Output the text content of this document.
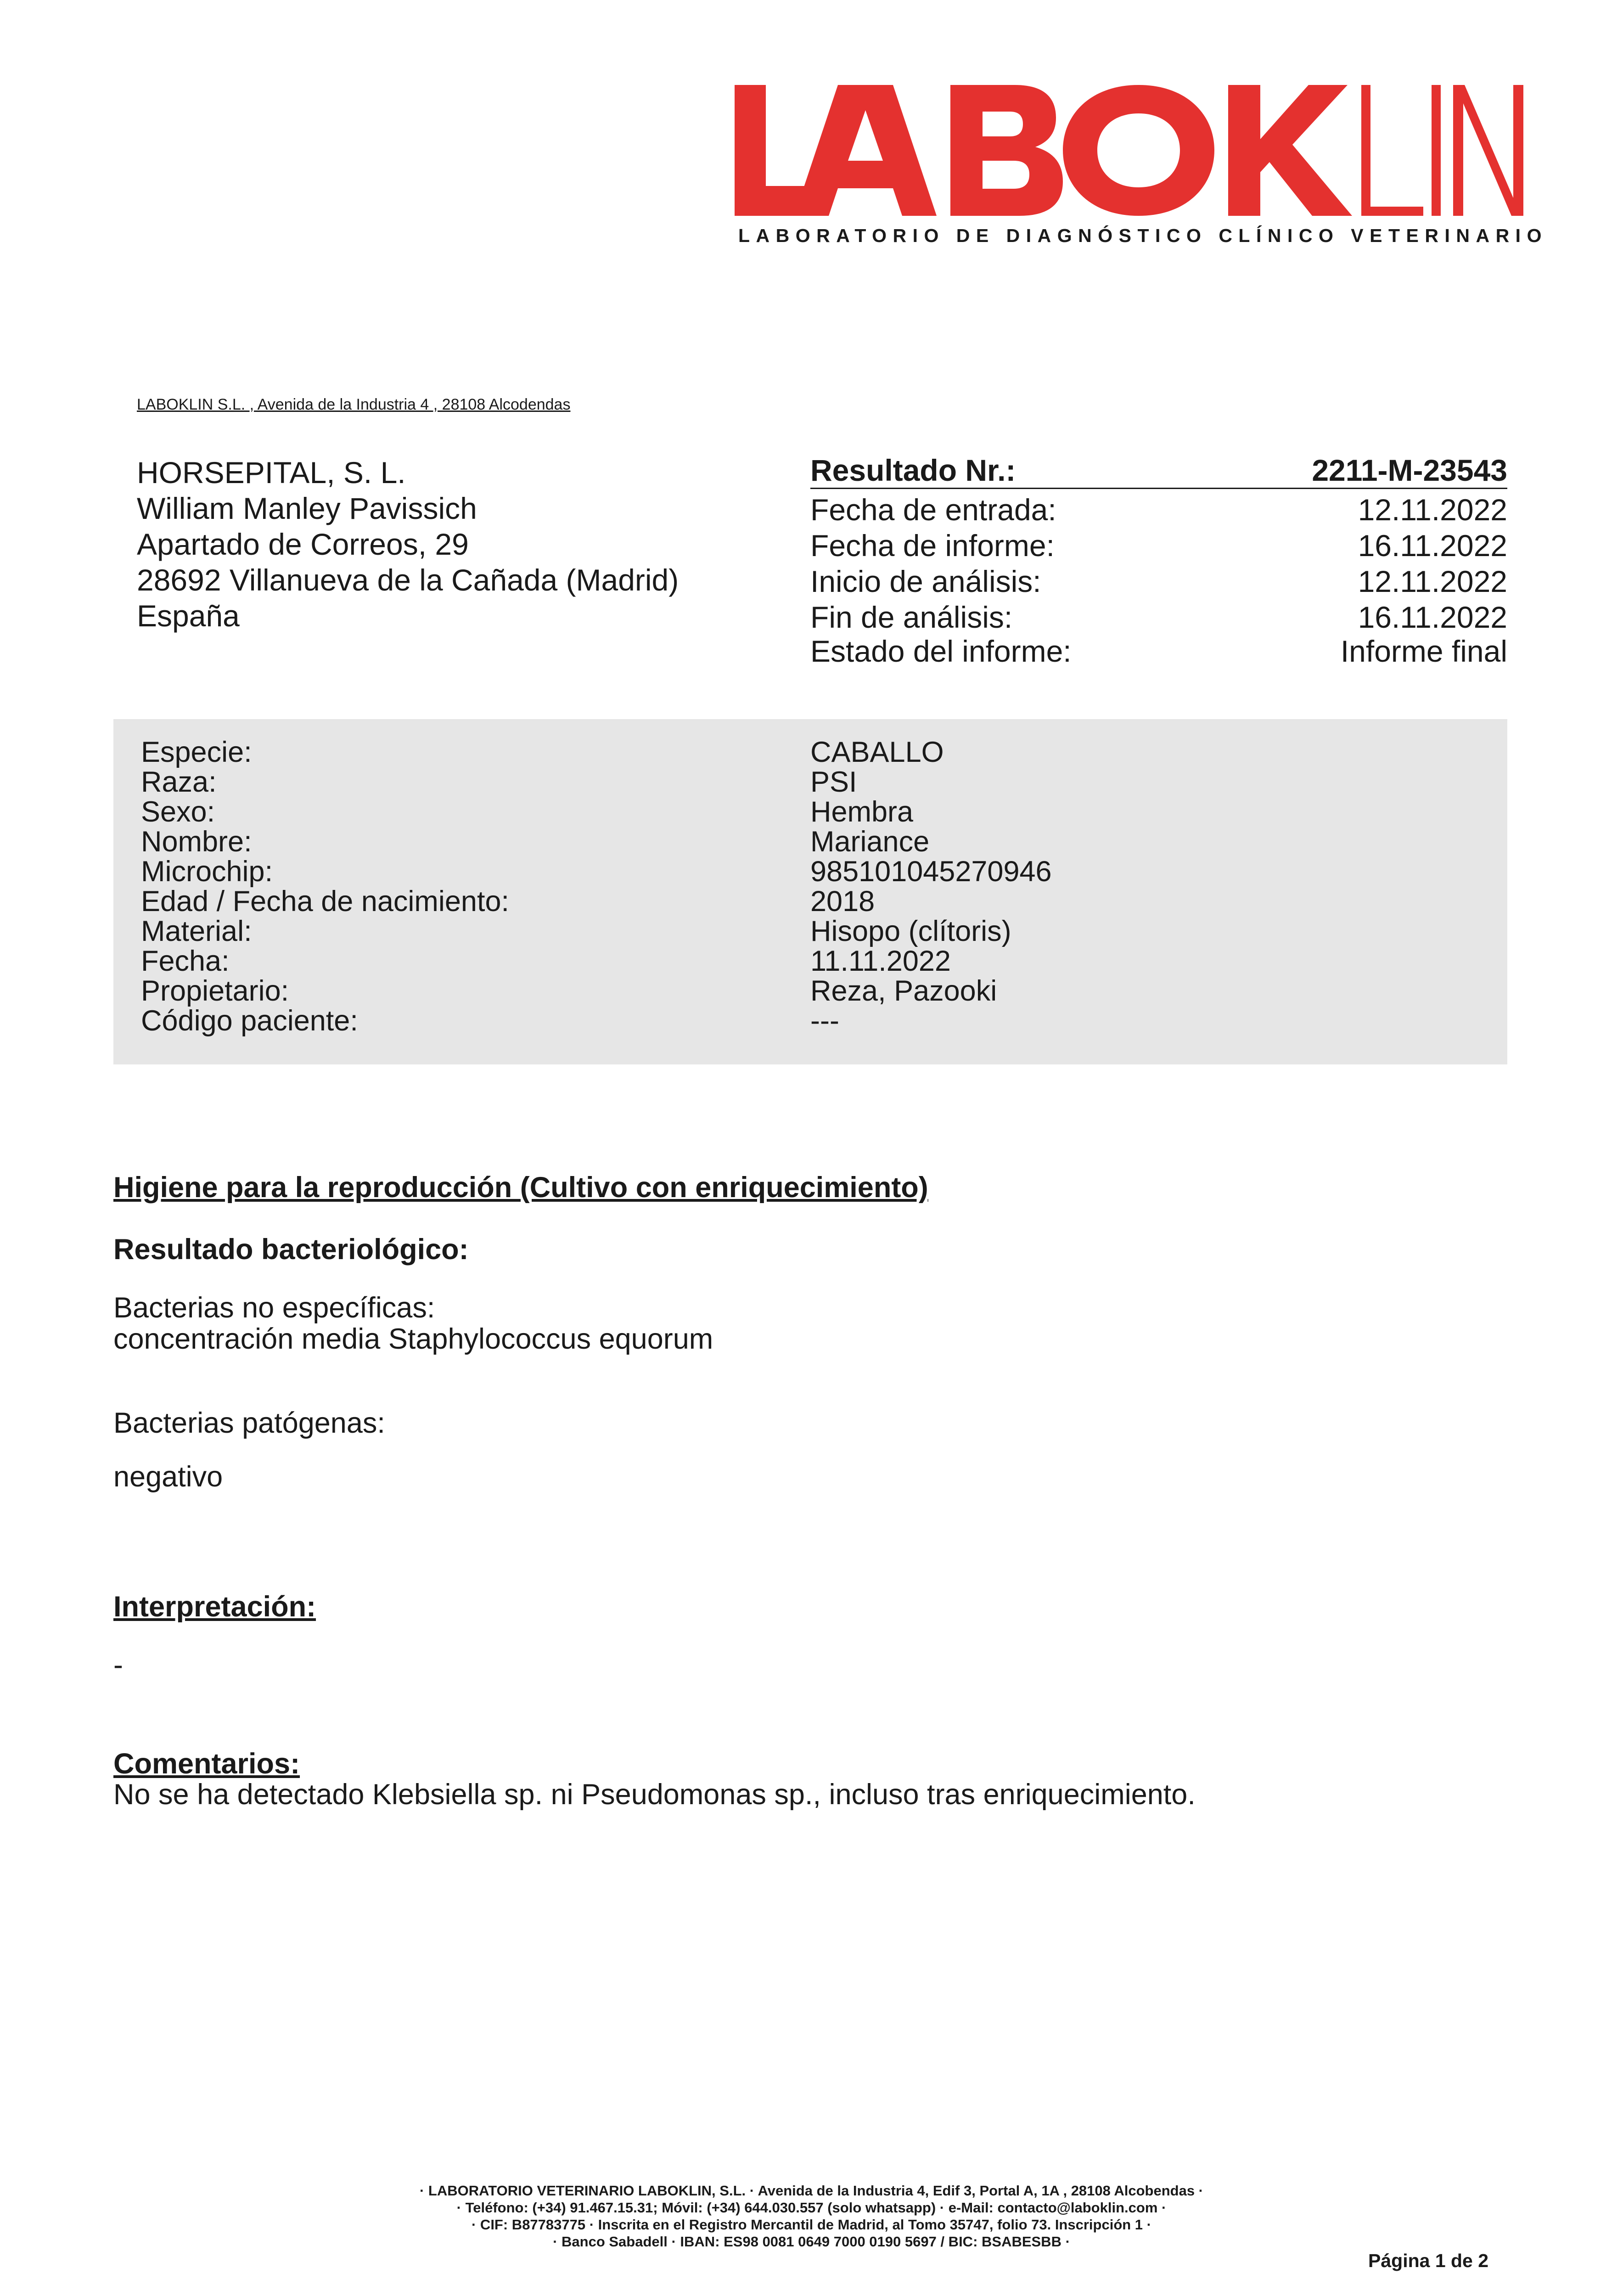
LABORATORIO DE DIAGNÓSTICO CLÍNICO VETERINARIO
LABOKLIN S.L. , Avenida de la Industria 4 , 28108 Alcodendas
HORSEPITAL, S. L.
William Manley Pavissich
Apartado de Correos, 29
28692 Villanueva de la Cañada (Madrid)
España
Resultado Nr.:	2211-M-23543
Fecha de entrada:	12.11.2022
Fecha de informe:	16.11.2022
Inicio de análisis:	12.11.2022
Fin de análisis:	16.11.2022
Estado del informe:	Informe final
Especie:	CABALLO
Raza:	PSI
Sexo:	Hembra
Nombre:	Mariance
Microchip:	985101045270946
Edad / Fecha de nacimiento:	2018
Material:	Hisopo (clítoris)
Fecha:	11.11.2022
Propietario:	Reza, Pazooki
Código paciente:	---
Higiene para la reproducción (Cultivo con enriquecimiento)
Resultado bacteriológico:
Bacterias no específicas:
concentración media Staphylococcus equorum
Bacterias patógenas:
negativo
Interpretación:
-
Comentarios:
No se ha detectado Klebsiella sp. ni Pseudomonas sp., incluso tras enriquecimiento.
· LABORATORIO VETERINARIO LABOKLIN, S.L. · Avenida de la Industria 4, Edif 3, Portal A, 1A , 28108 Alcobendas ·
· Teléfono: (+34) 91.467.15.31; Móvil: (+34) 644.030.557 (solo whatsapp) · e-Mail: contacto@laboklin.com ·
· CIF: B87783775 · Inscrita en el Registro Mercantil de Madrid, al Tomo 35747, folio 73. Inscripción 1 ·
· Banco Sabadell · IBAN: ES98 0081 0649 7000 0190 5697 / BIC: BSABESBB ·
Página 1 de 2
